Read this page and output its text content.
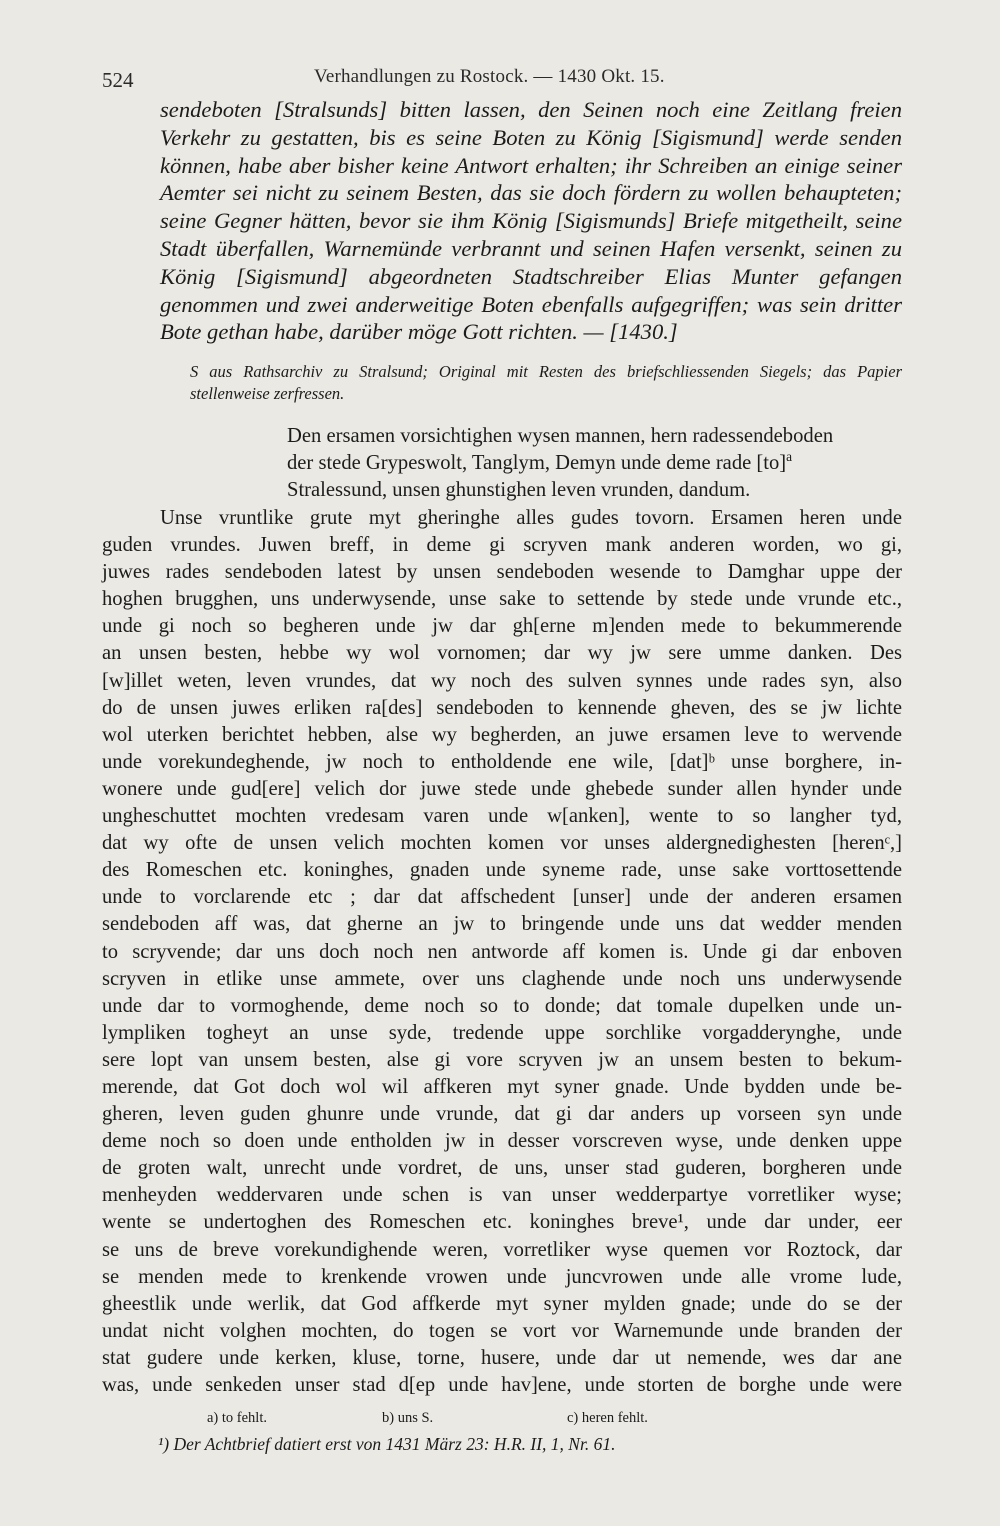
524	Verhandlungen zu Rostock. — 1430 Okt. 15.

sendeboten [Stralsunds] bitten lassen, den Seinen noch eine Zeitlang freien Verkehr zu gestatten, bis es seine Boten zu König [Sigismund] werde senden können, habe aber bisher keine Antwort erhalten; ihr Schreiben an einige seiner Aemter sei nicht zu seinem Besten, das sie doch fördern zu wollen behaupteten; seine Gegner hätten, bevor sie ihm König [Sigismunds] Briefe mitgetheilt, seine Stadt überfallen, Warnemünde verbrannt und seinen Hafen versenkt, seinen zu König [Sigismund] abgeordneten Stadtschreiber Elias Munter gefangen genommen und zwei anderweitige Boten ebenfalls aufgegriffen; was sein dritter Bote gethan habe, darüber möge Gott richten. — [1430.]

S aus Rathsarchiv zu Stralsund; Original mit Resten des briefschliessenden Siegels; das Papier stellenweise zerfressen.

Den ersamen vorsichtighen wysen mannen, hern radessendeboden
der stede Grypeswolt, Tanglym, Demyn unde deme rade [to]$^a$
Stralessund, unsen ghunstighen leven vrunden, dandum.
Unse vruntlike grute myt gheringhe alles gudes tovorn. Ersamen heren unde
guden vrundes. Juwen breff, in deme gi scryven mank anderen worden, wo gi,
juwes rades sendeboden latest by unsen sendeboden wesende to Damghar uppe der
hoghen brugghen, uns underwysende, unse sake to settende by stede unde vrunde etc.,
unde gi noch so begheren unde jw dar gh[erne m]enden mede to bekummerende
an unsen besten, hebbe wy wol vornomen; dar wy jw sere umme danken. Des
[w]illet weten, leven vrundes, dat wy noch des sulven synnes unde rades syn, also
do de unsen juwes erliken ra[des] sendeboden to kennende gheven, des se jw lichte
wol uterken berichtet hebben, alse wy begherden, an juwe ersamen leve to wervende
unde vorekundeghende, jw noch to entholdende ene wile, [dat]ᵇ unse borghere, in-
wonere unde gud[ere] velich dor juwe stede unde ghebede sunder allen hynder unde
ungheschuttet mochten vredesam varen unde w[anken], wente to so langher tyd,
dat wy ofte de unsen velich mochten komen vor unses aldergnedighesten [herenᶜ,]
des Romeschen etc. koninghes, gnaden unde syneme rade, unse sake vorttosettende
unde to vorclarende etc ; dar dat affschedent [unser] unde der anderen ersamen
sendeboden aff was, dat gherne an jw to bringende unde uns dat wedder menden
to scryvende; dar uns doch noch nen antworde aff komen is. Unde gi dar enboven
scryven in etlike unse ammete, over uns claghende unde noch uns underwysende
unde dar to vormoghende, deme noch so to donde; dat tomale dupelken unde un-
lympliken togheyt an unse syde, tredende uppe sorchlike vorgadderynghe, unde
sere lopt van unsem besten, alse gi vore scryven jw an unsem besten to bekum-
merende, dat Got doch wol wil affkeren myt syner gnade. Unde bydden unde be-
gheren, leven guden ghunre unde vrunde, dat gi dar anders up vorseen syn unde
deme noch so doen unde entholden jw in desser vorscreven wyse, unde denken uppe
de groten walt, unrecht unde vordret, de uns, unser stad guderen, borgheren unde
menheyden weddervaren unde schen is van unser wedderpartye vorretliker wyse;
wente se undertoghen des Romeschen etc. koninghes breve¹, unde dar under, eer
se uns de breve vorekundighende weren, vorretliker wyse quemen vor Roztock, dar
se menden mede to krenkende vrowen unde juncvrowen unde alle vrome lude,
gheestlik unde werlik, dat God affkerde myt syner mylden gnade; unde do se der
undat nicht volghen mochten, do togen se vort vor Warnemunde unde branden der
stat gudere unde kerken, kluse, torne, husere, unde dar ut nemende, wes dar ane
was, unde senkeden unser stad d[ep unde hav]ene, unde storten de borghe unde were
a) to fehlt.	b) uns S.	c) heren fehlt.
¹) Der Achtbrief datiert erst von 1431 März 23: H.R. II, 1, Nr. 61.
